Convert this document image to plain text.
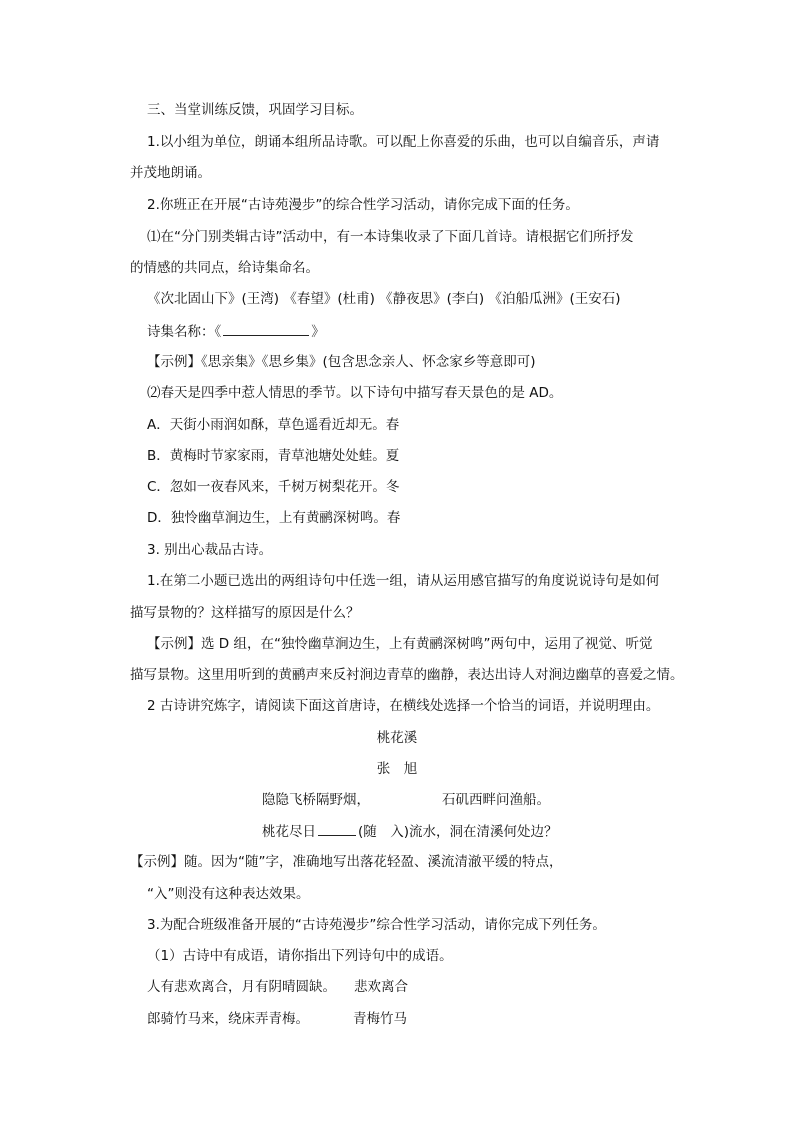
三、当堂训练反馈，巩固学习目标。
1.以小组为单位，朗诵本组所品诗歌。可以配上你喜爱的乐曲，也可以自编音乐，声请
并茂地朗诵。
2.你班正在开展“古诗苑漫步”的综合性学习活动，请你完成下面的任务。
⑴在“分门别类辑古诗”活动中，有一本诗集收录了下面几首诗。请根据它们所抒发
的情感的共同点，给诗集命名。
《次北固山下》(王湾) 《春望》(杜甫) 《静夜思》(李白) 《泊船瓜洲》(王安石)
诗集名称：《	》
【示例】《思亲集》《思乡集》(包含思念亲人、怀念家乡等意即可)
⑵春天是四季中惹人情思的季节。以下诗句中描写春天景色的是 AD。
A．天街小雨润如酥，草色遥看近却无。春
B．黄梅时节家家雨，青草池塘处处蛙。夏
C．忽如一夜春风来，千树万树梨花开。冬
D．独怜幽草涧边生，上有黄鹂深树鸣。春
3. 别出心裁品古诗。
1.在第二小题已选出的两组诗句中任选一组，请从运用感官描写的角度说说诗句是如何
描写景物的？这样描写的原因是什么？
【示例】选 D 组，在“独怜幽草涧边生，上有黄鹂深树鸣”两句中，运用了视觉、听觉
描写景物。这里用听到的黄鹂声来反衬涧边青草的幽静，表达出诗人对涧边幽草的喜爱之情。
2 古诗讲究炼字，请阅读下面这首唐诗，在横线处选择一个恰当的词语，并说明理由。
桃花溪
张　旭
隐隐飞桥隔野烟，	石矶西畔问渔船。
桃花尽日	(随　入)流水，洞在清溪何处边？
【示例】随。因为“随”字，准确地写出落花轻盈、溪流清澈平缓的特点，
“入”则没有这种表达效果。
3.为配合班级准备开展的“古诗苑漫步”综合性学习活动，请你完成下列任务。
（1）古诗中有成语，请你指出下列诗句中的成语。
人有悲欢离合，月有阴晴圆缺。 悲欢离合
郎骑竹马来，绕床弄青梅。	青梅竹马
